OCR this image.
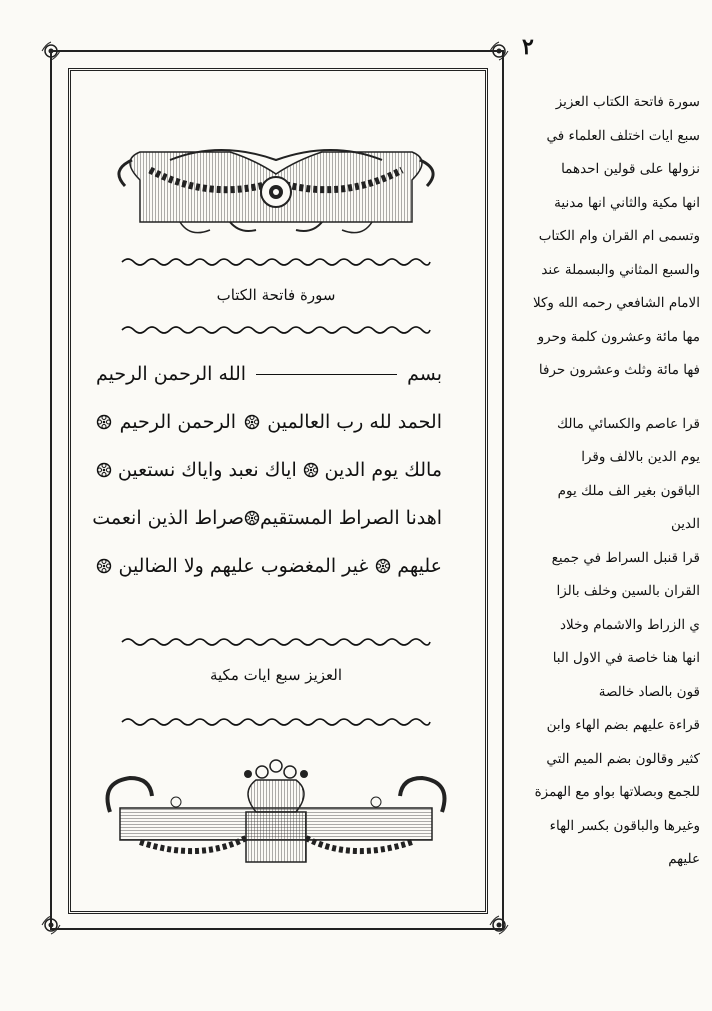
٢
سورة فاتحة الكتاب
بسم
الله الرحمن الرحيم
الحمد لله رب العالمين
الرحمن الرحيم
مالك يوم الدين
اياك نعبد واياك نستعين
اهدنا الصراط المستقيم
صراط الذين انعمت
عليهم
غير المغضوب عليهم ولا الضالين
العزيز سبع ايات مكية
سورة فاتحة الكتاب العزيز
سبع ايات اختلف العلماء في
نزولها على قولين احدهما
انها مكية والثاني انها مدنية
وتسمى ام القران وام الكتاب
والسبع المثاني والبسملة عند
الامام الشافعي رحمه الله وكلا
مها مائة وعشرون كلمة وحرو
فها مائة وثلث وعشرون حرفا
قرا عاصم والكسائي مالك
يوم الدين بالالف وقرا
الباقون بغير الف ملك يوم
الدين
قرا قنبل السراط في جميع
القران بالسين وخلف بالزا
ي الزراط والاشمام وخلاد
انها هنا خاصة في الاول البا
قون بالصاد خالصة
قراءة عليهم بضم الهاء وابن
كثير وقالون بضم الميم التي
للجمع وبصلاتها بواو مع الهمزة
وغيرها والباقون بكسر الهاء
عليهم
